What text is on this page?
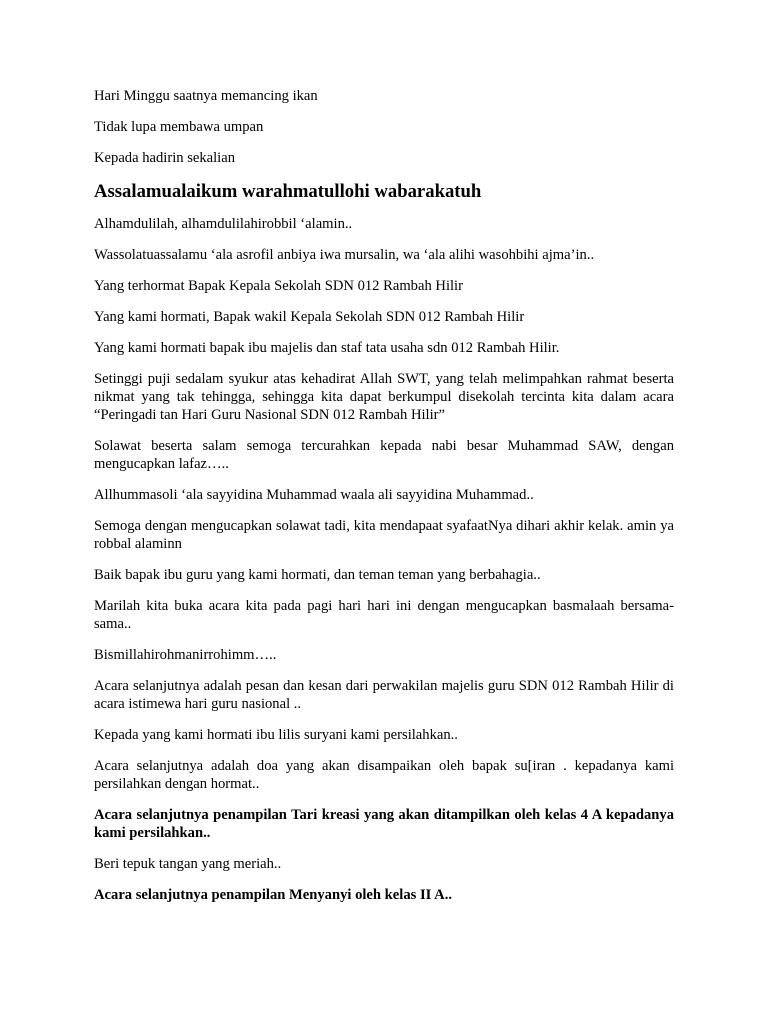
Hari Minggu saatnya memancing ikan

Tidak lupa membawa umpan

Kepada hadirin sekalian

Assalamualaikum warahmatullohi wabarakatuh

Alhamdulilah, alhamdulilahirobbil ‘alamin..

Wassolatuassalamu ‘ala asrofil anbiya iwa mursalin, wa ‘ala alihi wasohbihi ajma’in..

Yang terhormat Bapak Kepala Sekolah SDN 012 Rambah Hilir

Yang kami hormati, Bapak wakil Kepala Sekolah SDN 012 Rambah Hilir

Yang kami hormati bapak ibu majelis dan staf tata usaha sdn 012 Rambah Hilir.

Setinggi puji sedalam syukur atas kehadirat Allah SWT, yang telah melimpahkan rahmat beserta nikmat yang tak tehingga, sehingga kita dapat berkumpul disekolah tercinta kita dalam acara “Peringadi tan Hari Guru Nasional SDN 012 Rambah Hilir”

Solawat beserta salam semoga tercurahkan kepada nabi besar Muhammad SAW, dengan mengucapkan lafaz…..

Allhummasoli ‘ala sayyidina Muhammad waala ali sayyidina Muhammad..

Semoga dengan mengucapkan solawat tadi, kita mendapaat syafaatNya dihari akhir kelak. amin ya robbal alaminn

Baik bapak ibu guru yang kami hormati, dan teman teman yang berbahagia..

Marilah kita buka acara kita pada pagi hari hari ini dengan mengucapkan basmalaah bersama-sama..

Bismillahirohmanirrohimm…..

Acara selanjutnya adalah pesan dan kesan dari perwakilan majelis guru SDN 012 Rambah Hilir di acara istimewa hari guru nasional ..

Kepada yang kami hormati ibu lilis suryani kami persilahkan..

Acara selanjutnya adalah doa yang akan disampaikan oleh bapak su[iran . kepadanya kami persilahkan dengan hormat..

Acara selanjutnya penampilan Tari kreasi yang akan ditampilkan oleh kelas 4 A kepadanya kami persilahkan..

Beri tepuk tangan yang meriah..

Acara selanjutnya penampilan Menyanyi oleh kelas II A..
